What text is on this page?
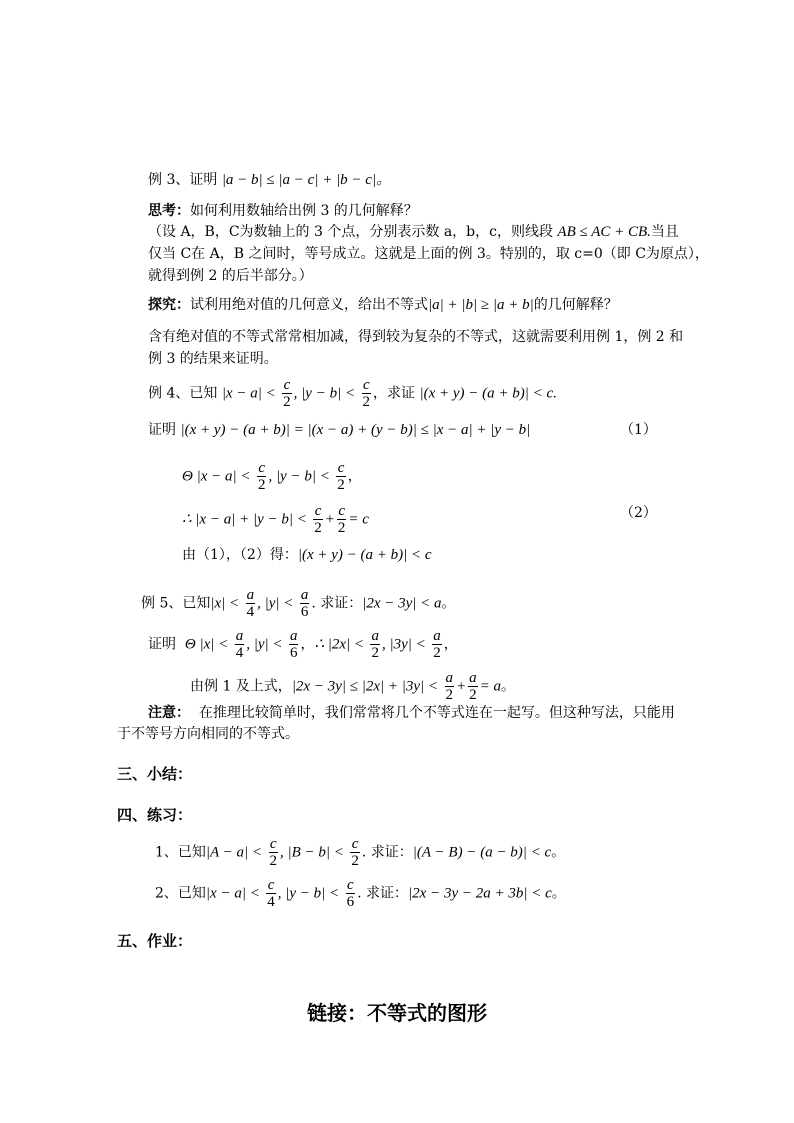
例 3、证明 |a − b| ≤ |a − c| + |b − c|。
思考：如何利用数轴给出例 3 的几何解释？
（设 A，B，C为数轴上的 3 个点，分别表示数 a，b，c，则线段 AB ≤ AC + CB.当且
仅当 C在 A，B 之间时，等号成立。这就是上面的例 3。特别的，取 c=0（即 C为原点），
就得到例 2 的后半部分。）
探究：试利用绝对值的几何意义，给出不等式|a| + |b| ≥ |a + b|的几何解释？
含有绝对值的不等式常常相加减，得到较为复杂的不等式，这就需要利用例 1，例 2 和
例 3 的结果来证明。
例 4、已知 $|x - a| < \frac{c}{2}$ , $|y - b| < \frac{c}{2}$ ，求证 |(x + y) − (a + b)| < c.
证明 |(x + y) − (a + b)| = |(x − a) + (y − b)| ≤ |x − a| + |y − b|	（1）
Θ $|x - a| < \frac{c}{2}$ , $|y - b| < \frac{c}{2}$ ，
∴ $|x - a| + |y - b| < \frac{c}{2} + \frac{c}{2} = c$	（2）
由（1），（2）得：|(x + y) − (a + b)| < c
例 5、已知$|x| < \frac{a}{4}$ , $|y| < \frac{a}{6}$ . 求证：|2x − 3y| < a。
证明 Θ $|x| < \frac{a}{4}$ , $|y| < \frac{a}{6}$ ，∴ $|2x| < \frac{a}{2}$ , $|3y| < \frac{a}{2}$ ，
由例 1 及上式，$|2x - 3y| \le |2x| + |3y| < \frac{a}{2} + \frac{a}{2} = a$。
注意： 在推理比较简单时，我们常常将几个不等式连在一起写。但这种写法，只能用
于不等号方向相同的不等式。
三、小结：
四、练习：
1、已知$|A - a| < \frac{c}{2}$ , $|B - b| < \frac{c}{2}$ . 求证：|(A − B) − (a − b)| < c。
2、已知$|x - a| < \frac{c}{4}$ , $|y - b| < \frac{c}{6}$ . 求证：|2x − 3y − 2a + 3b| < c。
五、作业：
链接：不等式的图形
